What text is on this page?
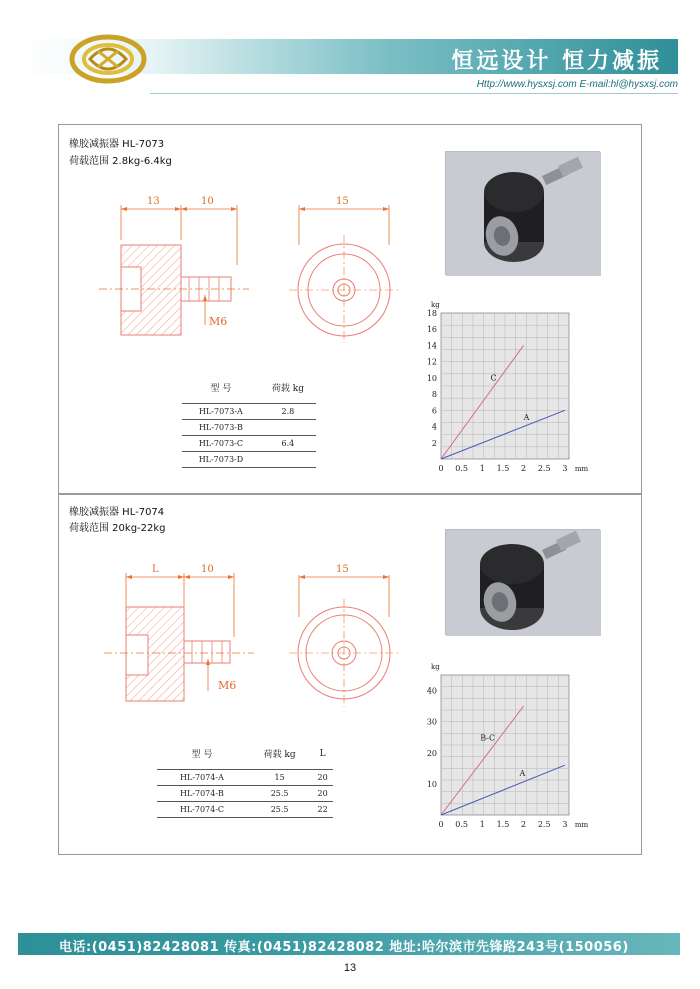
恒远设计 恒力减振
Http://www.hysxsj.com E-mail:hl@hysxsj.com
橡胶减振器 HL-7073
荷载范围 2.8kg-6.4kg
13	10
M6
15
0 0.5 1 1.5 2 2.5 3 mm
2
4
6
8
10
12
14
16
18
kg
C
A
型 号	荷载 kg
HL-7073-A	2.8
HL-7073-B	
HL-7073-C	6.4
HL-7073-D	
橡胶减振器 HL-7074
荷载范围 20kg-22kg
L	10
M6
15
0 0.5 1 1.5 2 2.5 3 mm
10
20
30
40
kg
B-C
A
型 号	荷载 kg	L
HL-7074-A	15	20
HL-7074-B	25.5	20
HL-7074-C	25.5	22
电话:(0451)82428081 传真:(0451)82428082 地址:哈尔滨市先锋路243号(150056)
13
